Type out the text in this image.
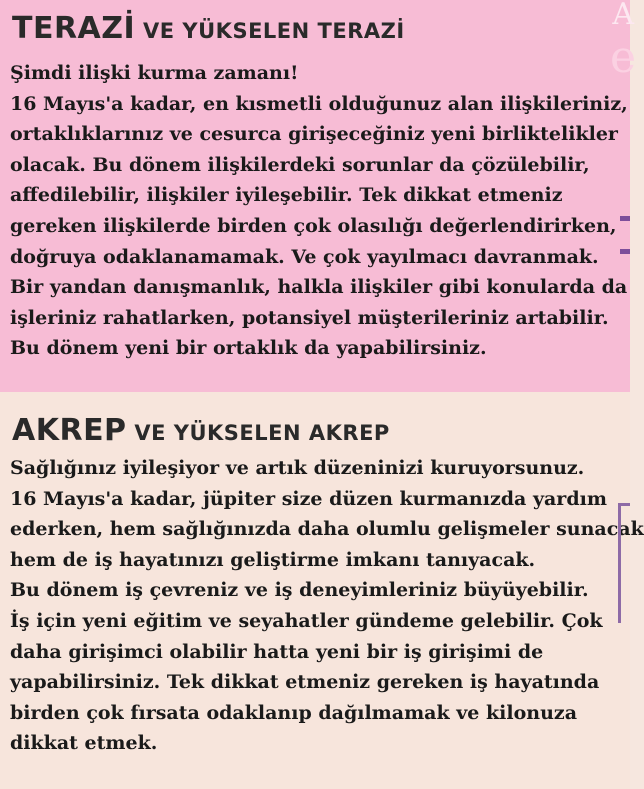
A
e
TERAZİ VE YÜKSELEN TERAZİ

Şimdi ilişki kurma zamanı!
16 Mayıs'a kadar, en kısmetli olduğunuz alan ilişkileriniz,
ortaklıklarınız ve cesurca girişeceğiniz yeni birliktelikler
olacak. Bu dönem ilişkilerdeki sorunlar da çözülebilir,
affedilebilir, ilişkiler iyileşebilir. Tek dikkat etmeniz
gereken ilişkilerde birden çok olasılığı değerlendirirken,
doğruya odaklanamamak. Ve çok yayılmacı davranmak.
Bir yandan danışmanlık, halkla ilişkiler gibi konularda da
işleriniz rahatlarken, potansiyel müşterileriniz artabilir.
Bu dönem yeni bir ortaklık da yapabilirsiniz.

AKREP VE YÜKSELEN AKREP

Sağlığınız iyileşiyor ve artık düzeninizi kuruyorsunuz.
16 Mayıs'a kadar, jüpiter size düzen kurmanızda yardım
ederken, hem sağlığınızda daha olumlu gelişmeler sunacak
hem de iş hayatınızı geliştirme imkanı tanıyacak.
Bu dönem iş çevreniz ve iş deneyimleriniz büyüyebilir.
İş için yeni eğitim ve seyahatler gündeme gelebilir. Çok
daha girişimci olabilir hatta yeni bir iş girişimi de
yapabilirsiniz. Tek dikkat etmeniz gereken iş hayatında
birden çok fırsata odaklanıp dağılmamak ve kilonuza
dikkat etmek.
